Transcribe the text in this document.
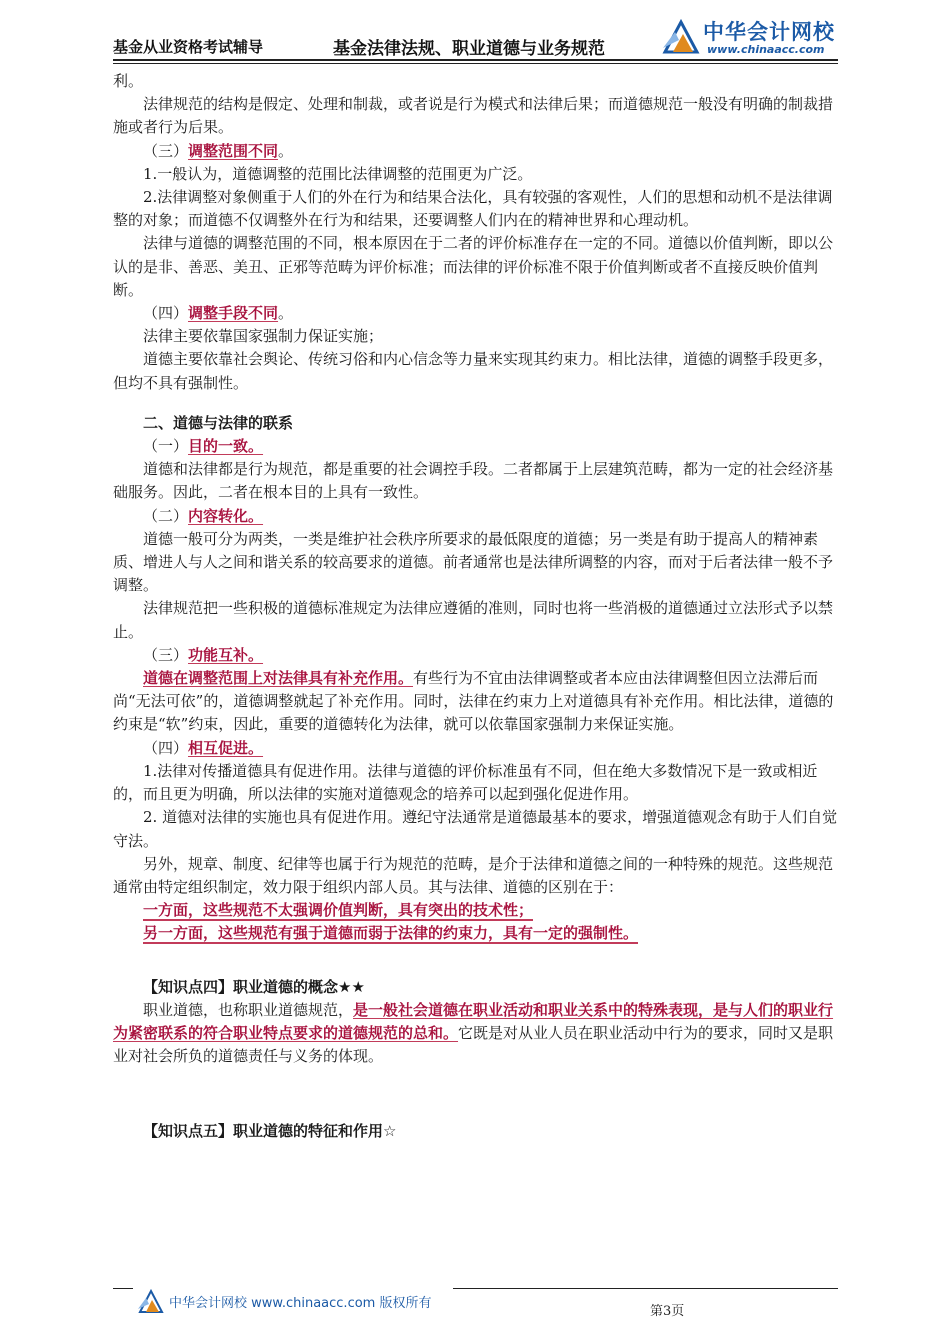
基金从业资格考试辅导	基金法律法规、职业道德与业务规范
中华会计网校
www.chinaacc.com

利。

法律规范的结构是假定、处理和制裁，或者说是行为模式和法律后果；而道德规范一般没有明确的制裁措施或者行为后果。

（三）调整范围不同。

1.一般认为，道德调整的范围比法律调整的范围更为广泛。

2.法律调整对象侧重于人们的外在行为和结果合法化，具有较强的客观性，人们的思想和动机不是法律调整的对象；而道德不仅调整外在行为和结果，还要调整人们内在的精神世界和心理动机。

法律与道德的调整范围的不同，根本原因在于二者的评价标准存在一定的不同。道德以价值判断，即以公认的是非、善恶、美丑、正邪等范畴为评价标准；而法律的评价标准不限于价值判断或者不直接反映价值判断。

（四）调整手段不同。

法律主要依靠国家强制力保证实施；

道德主要依靠社会舆论、传统习俗和内心信念等力量来实现其约束力。相比法律，道德的调整手段更多，但均不具有强制性。

二、道德与法律的联系

（一）目的一致。

道德和法律都是行为规范，都是重要的社会调控手段。二者都属于上层建筑范畴，都为一定的社会经济基础服务。因此，二者在根本目的上具有一致性。

（二）内容转化。

道德一般可分为两类，一类是维护社会秩序所要求的最低限度的道德；另一类是有助于提高人的精神素质、增进人与人之间和谐关系的较高要求的道德。前者通常也是法律所调整的内容，而对于后者法律一般不予调整。

法律规范把一些积极的道德标准规定为法律应遵循的准则，同时也将一些消极的道德通过立法形式予以禁止。

（三）功能互补。

道德在调整范围上对法律具有补充作用。有些行为不宜由法律调整或者本应由法律调整但因立法滞后而尚“无法可依”的，道德调整就起了补充作用。同时，法律在约束力上对道德具有补充作用。相比法律，道德的约束是“软”约束，因此，重要的道德转化为法律，就可以依靠国家强制力来保证实施。

（四）相互促进。

1.法律对传播道德具有促进作用。法律与道德的评价标准虽有不同，但在绝大多数情况下是一致或相近的，而且更为明确，所以法律的实施对道德观念的培养可以起到强化促进作用。

2. 道德对法律的实施也具有促进作用。遵纪守法通常是道德最基本的要求，增强道德观念有助于人们自觉守法。

另外，规章、制度、纪律等也属于行为规范的范畴，是介于法律和道德之间的一种特殊的规范。这些规范通常由特定组织制定，效力限于组织内部人员。其与法律、道德的区别在于：

一方面，这些规范不太强调价值判断，具有突出的技术性；

另一方面，这些规范有强于道德而弱于法律的约束力，具有一定的强制性。

【知识点四】职业道德的概念★★

职业道德，也称职业道德规范，是一般社会道德在职业活动和职业关系中的特殊表现，是与人们的职业行为紧密联系的符合职业特点要求的道德规范的总和。它既是对从业人员在职业活动中行为的要求，同时又是职业对社会所负的道德责任与义务的体现。

【知识点五】职业道德的特征和作用☆

中华会计网校 www.chinaacc.com 版权所有
第3页
